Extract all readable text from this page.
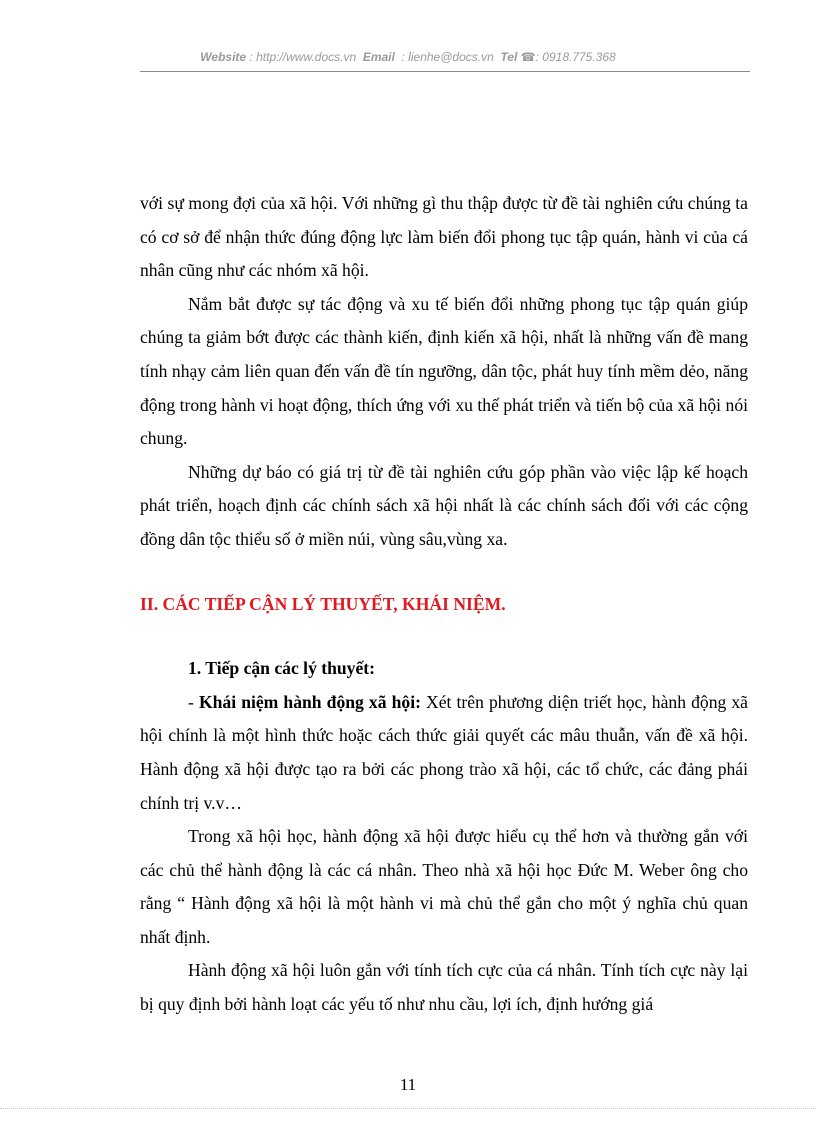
Website : http://www.docs.vn Email : lienhe@docs.vn Tel ☎: 0918.775.368

với sự mong đợi của xã hội. Với những gì thu thập được từ đề tài nghiên cứu chúng ta có cơ sở để nhận thức đúng động lực làm biến đổi phong tục tập quán, hành vi của cá nhân cũng như các nhóm xã hội.

Nắm bắt được sự tác động và xu tế biến đổi những phong tục tập quán giúp chúng ta giảm bớt được các thành kiến, định kiến xã hội, nhất là những vấn đề mang tính nhạy cảm liên quan đến vấn đề tín ngưỡng, dân tộc, phát huy tính mềm dẻo, năng động trong hành vi hoạt động, thích ứng với xu thế phát triển và tiến bộ của xã hội nói chung.

Những dự báo có giá trị từ đề tài nghiên cứu góp phần vào việc lập kế hoạch phát triển, hoạch định các chính sách xã hội nhất là các chính sách đối với các cộng đồng dân tộc thiểu số ở miền núi, vùng sâu,vùng xa.

II. CÁC TIẾP CẬN LÝ THUYẾT, KHÁI NIỆM.

1. Tiếp cận các lý thuyết:

- Khái niệm hành động xã hội: Xét trên phương diện triết học, hành động xã hội chính là một hình thức hoặc cách thức giải quyết các mâu thuẫn, vấn đề xã hội. Hành động xã hội được tạo ra bởi các phong trào xã hội, các tổ chức, các đảng phái chính trị v.v…

Trong xã hội học, hành động xã hội được hiểu cụ thể hơn và thường gắn với các chủ thể hành động là các cá nhân. Theo nhà xã hội học Đức M. Weber ông cho rằng “ Hành động xã hội là một hành vi mà chủ thể gắn cho một ý nghĩa chủ quan nhất định.

Hành động xã hội luôn gắn với tính tích cực của cá nhân. Tính tích cực này lại bị quy định bởi hành loạt các yếu tố như nhu cầu, lợi ích, định hướng giá

11
